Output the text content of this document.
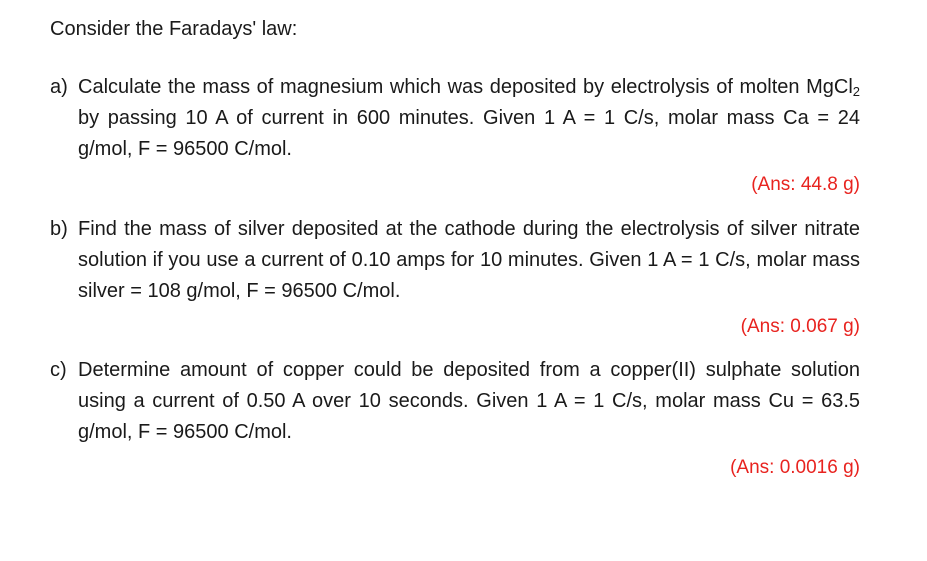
Consider the Faradays' law:
a) Calculate the mass of magnesium which was deposited by electrolysis of molten MgCl$_2$ by passing 10 A of current in 600 minutes. Given 1 A = 1 C/s, molar mass Ca = 24 g/mol, F = 96500 C/mol.

(Ans: 44.8 g)
b) Find the mass of silver deposited at the cathode during the electrolysis of silver nitrate solution if you use a current of 0.10 amps for 10 minutes. Given 1 A = 1 C/s, molar mass silver = 108 g/mol, F = 96500 C/mol.

(Ans: 0.067 g)
c) Determine amount of copper could be deposited from a copper(II) sulphate solution using a current of 0.50 A over 10 seconds. Given 1 A = 1 C/s, molar mass Cu = 63.5 g/mol, F = 96500 C/mol.

(Ans: 0.0016 g)
